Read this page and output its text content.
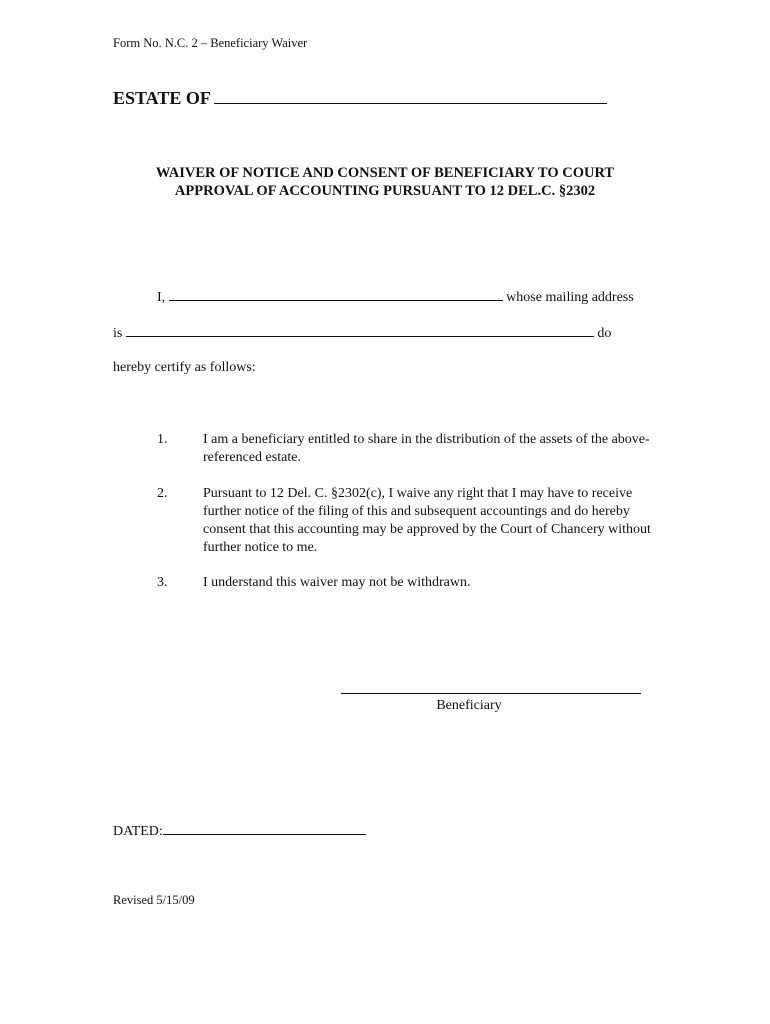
Form No. N.C. 2 – Beneficiary Waiver
ESTATE OF
WAIVER OF NOTICE AND CONSENT OF BENEFICIARY TO COURT
APPROVAL OF ACCOUNTING PURSUANT TO 12 DEL.C. §2302
I,	whose mailing address
is	do
hereby certify as follows:
1.	I am a beneficiary entitled to share in the distribution of the assets of the above-referenced estate.
2.	Pursuant to 12 Del. C. §2302(c), I waive any right that I may have to receive further notice of the filing of this and subsequent accountings and do hereby consent that this accounting may be approved by the Court of Chancery without further notice to me.
3.	I understand this waiver may not be withdrawn.
Beneficiary
DATED:
Revised 5/15/09
